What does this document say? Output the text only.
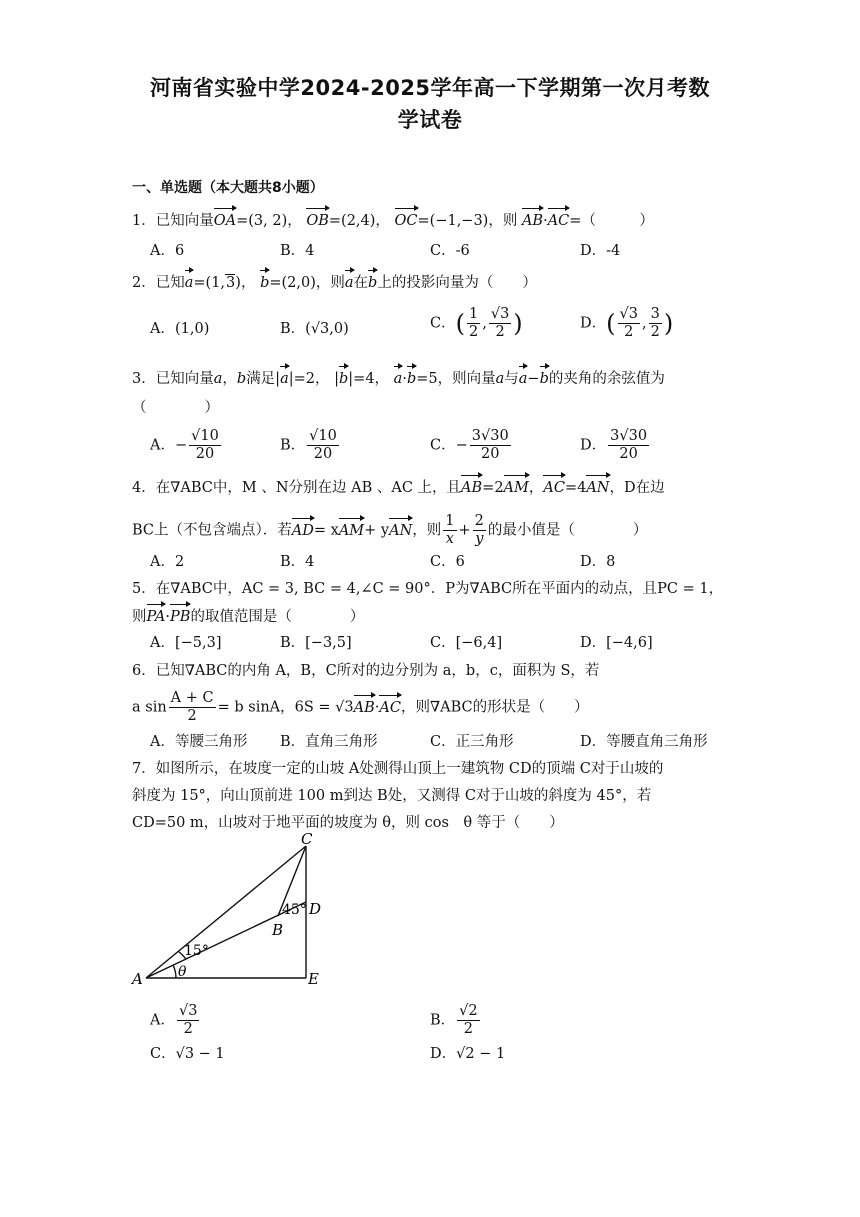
河南省实验中学2024-2025学年高一下学期第一次月考数
学试卷
一、单选题（本大题共8小题）
1．已知向量OA=(3, 2)， OB=(2,4)， OC=(−1,−3)，则 AB·AC=（　　　）
A．6	B．4	C．-6	D．-4
2．已知a=(1,3)， b=(2,0)，则a在b上的投影向量为（　　）
A．(1,0)	B．(√3,0)	C．( $\frac{1}{2}$ , $\frac{√3}{2}$ )	D．( $\frac{√3}{2}$ , $\frac{3}{2}$ )
3．已知向量a，b满足|a|=2， |b|=4， a·b=5，则向量a与a−b的夹角的余弦值为
（　　　　）
A．− $\frac{√10}{20}$	B． $\frac{√10}{20}$	C．− $\frac{3√30}{20}$	D． $\frac{3√30}{20}$
4．在∇ABC中，M 、N分别在边 AB 、AC 上，且AB=2AM，AC=4AN，D在边
BC上（不包含端点）．若AD= xAM+ yAN，则 $\frac{1}{x} + \frac{2}{y}$ 的最小值是（　　　　）
A．2	B．4	C．6	D．8
5．在∇ABC中，AC = 3, BC = 4,∠C = 90°．P为∇ABC所在平面内的动点，且PC = 1，
则PA·PB的取值范围是（　　　　）
A．[−5,3]	B．[−3,5]	C．[−6,4]	D．[−4,6]
6．已知∇ABC的内角 A，B，C所对的边分别为 a，b，c，面积为 S，若
a $\sin \frac{A + C}{2} = b$ sinA，6S = √3AB·AC，则∇ABC的形状是（　　）
A．等腰三角形 B．直角三角形	C．正三角形	D．等腰直角三角形
7．如图所示，在坡度一定的山坡 A处测得山顶上一建筑物 CD的顶端 C对于山坡的
斜度为 15°，向山顶前进 100 m到达 B处，又测得 C对于山坡的斜度为 45°，若
CD=50 m，山坡对于地平面的坡度为 θ，则 cos　θ 等于（　　）
A
B
C
D
E
15°
45°
θ
A． $\frac{√3}{2}$	B． $\frac{√2}{2}$
C．√3 − 1	D．√2 − 1
